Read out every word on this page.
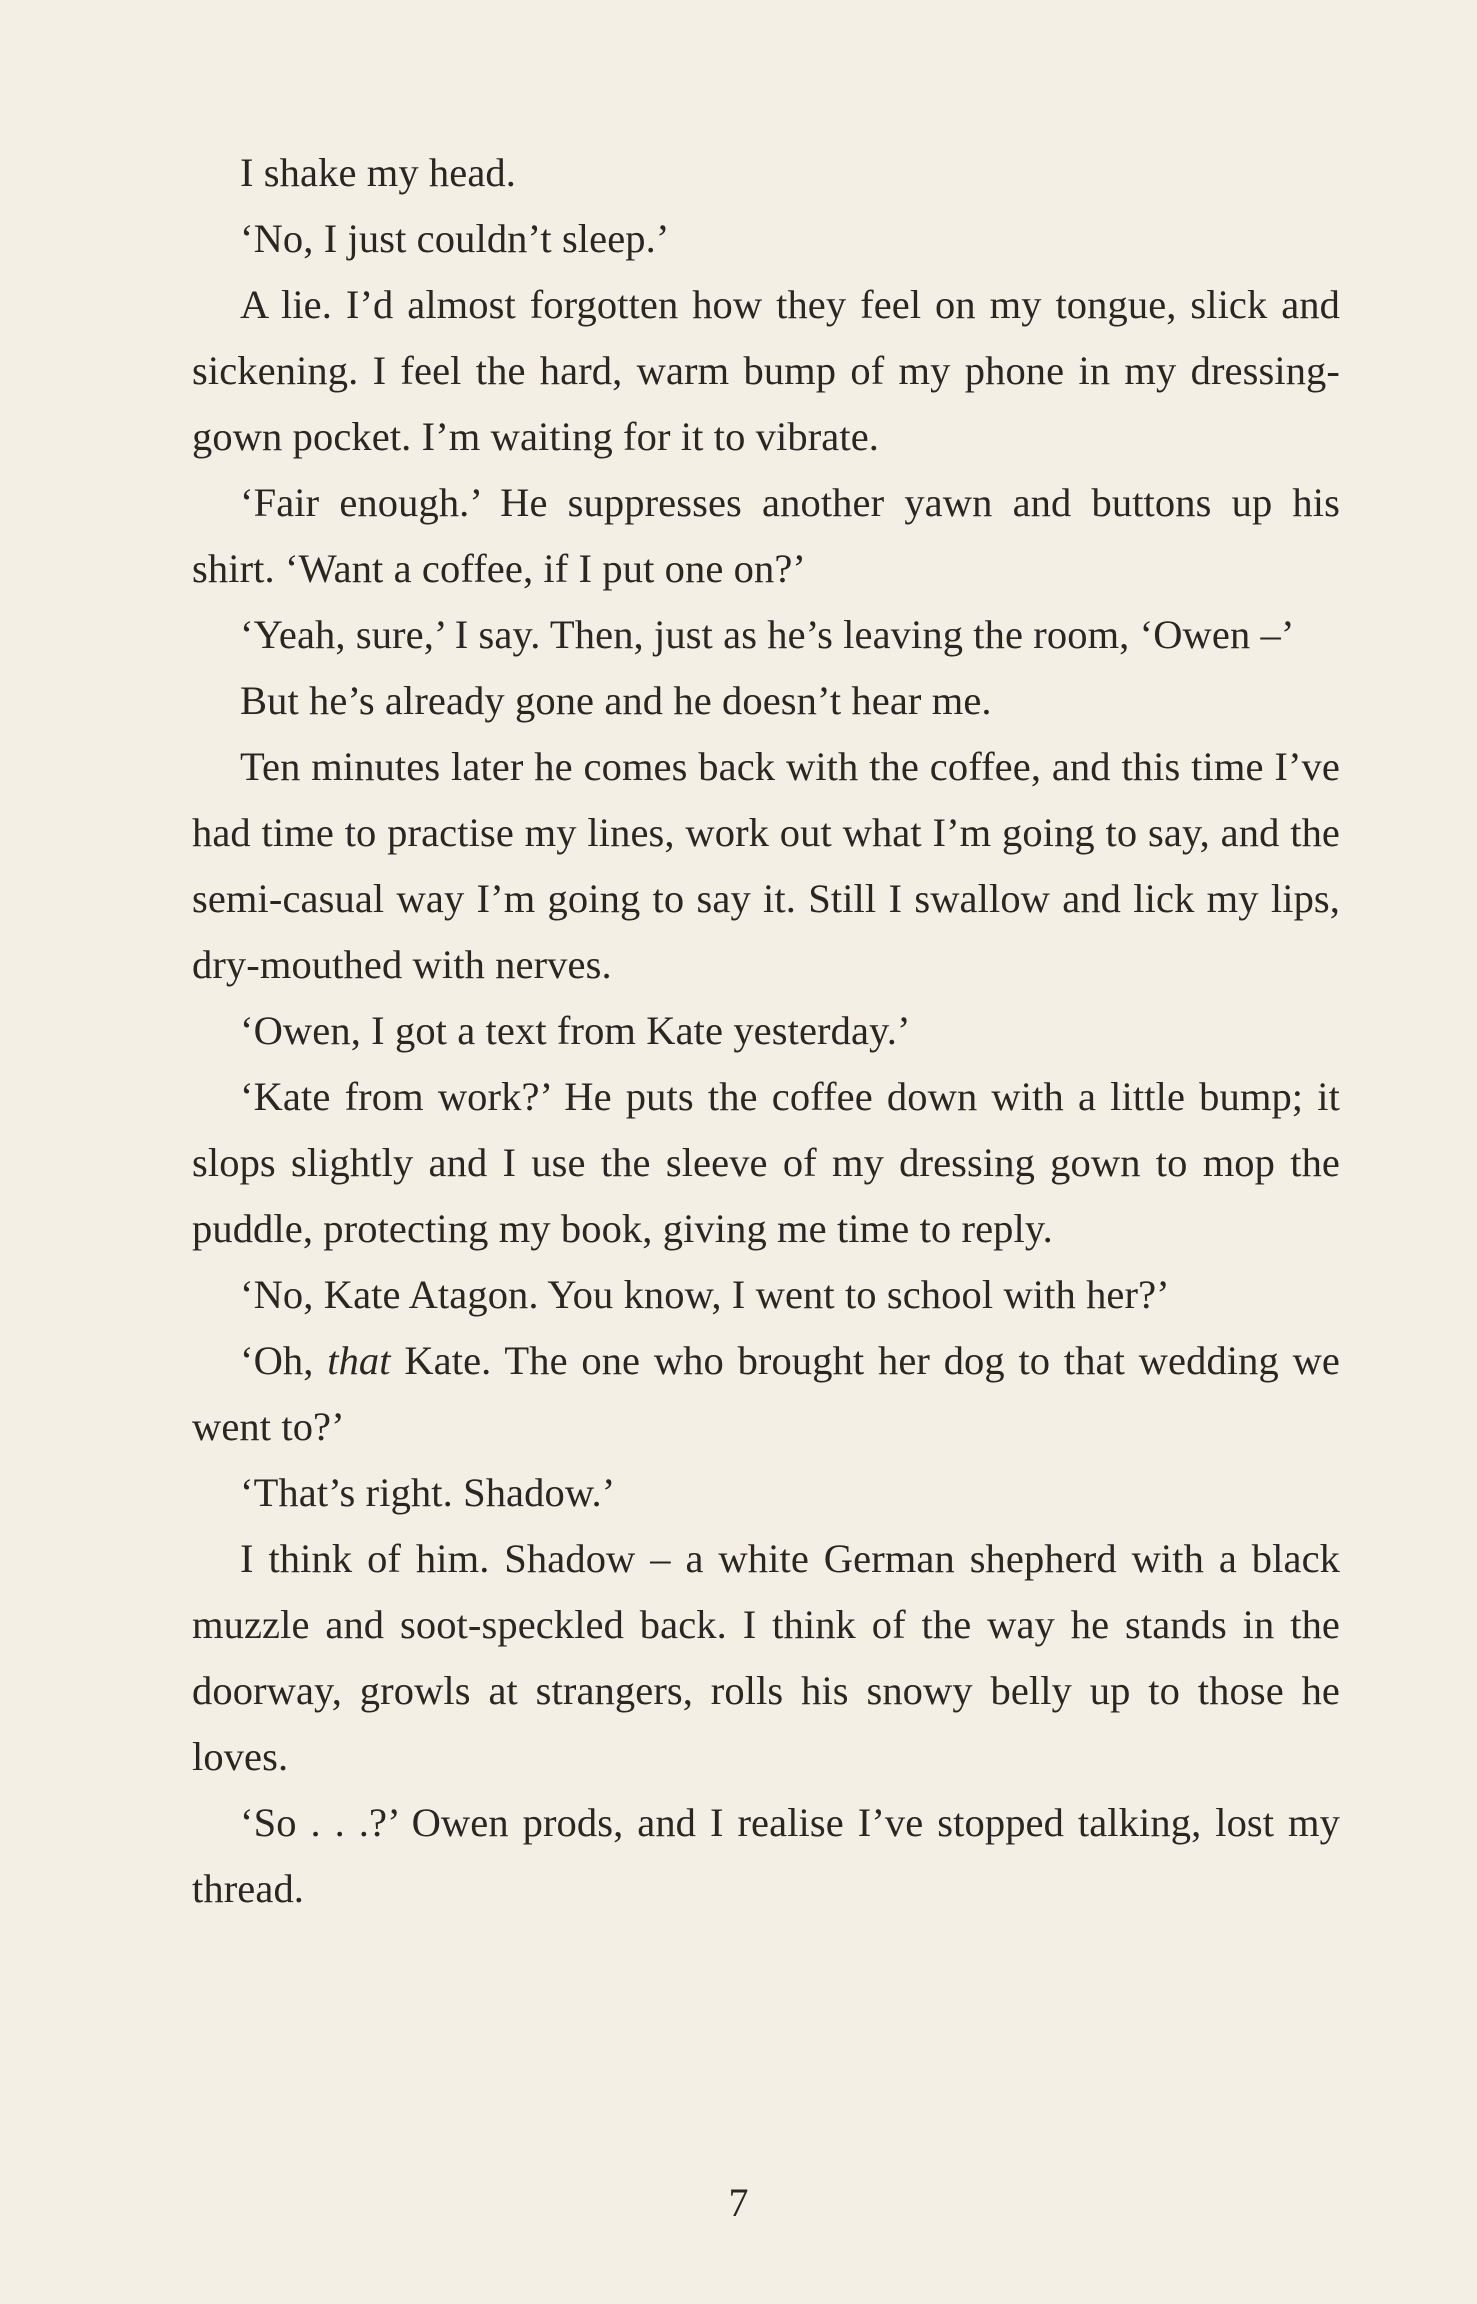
I shake my head.

‘No, I just couldn’t sleep.’

A lie. I’d almost forgotten how they feel on my tongue, slick and sickening. I feel the hard, warm bump of my phone in my dressing-gown pocket. I’m waiting for it to vibrate.

‘Fair enough.’ He suppresses another yawn and buttons up his shirt. ‘Want a coffee, if I put one on?’

‘Yeah, sure,’ I say. Then, just as he’s leaving the room, ‘Owen –’

But he’s already gone and he doesn’t hear me.

Ten minutes later he comes back with the coffee, and this time I’ve had time to practise my lines, work out what I’m going to say, and the semi-casual way I’m going to say it. Still I swallow and lick my lips, dry-mouthed with nerves.

‘Owen, I got a text from Kate yesterday.’

‘Kate from work?’ He puts the coffee down with a little bump; it slops slightly and I use the sleeve of my dressing gown to mop the puddle, protecting my book, giving me time to reply.

‘No, Kate Atagon. You know, I went to school with her?’

‘Oh, that Kate. The one who brought her dog to that wedding we went to?’

‘That’s right. Shadow.’

I think of him. Shadow – a white German shepherd with a black muzzle and soot-speckled back. I think of the way he stands in the doorway, growls at strangers, rolls his snowy belly up to those he loves.

‘So . . .?’ Owen prods, and I realise I’ve stopped talking, lost my thread.

7
